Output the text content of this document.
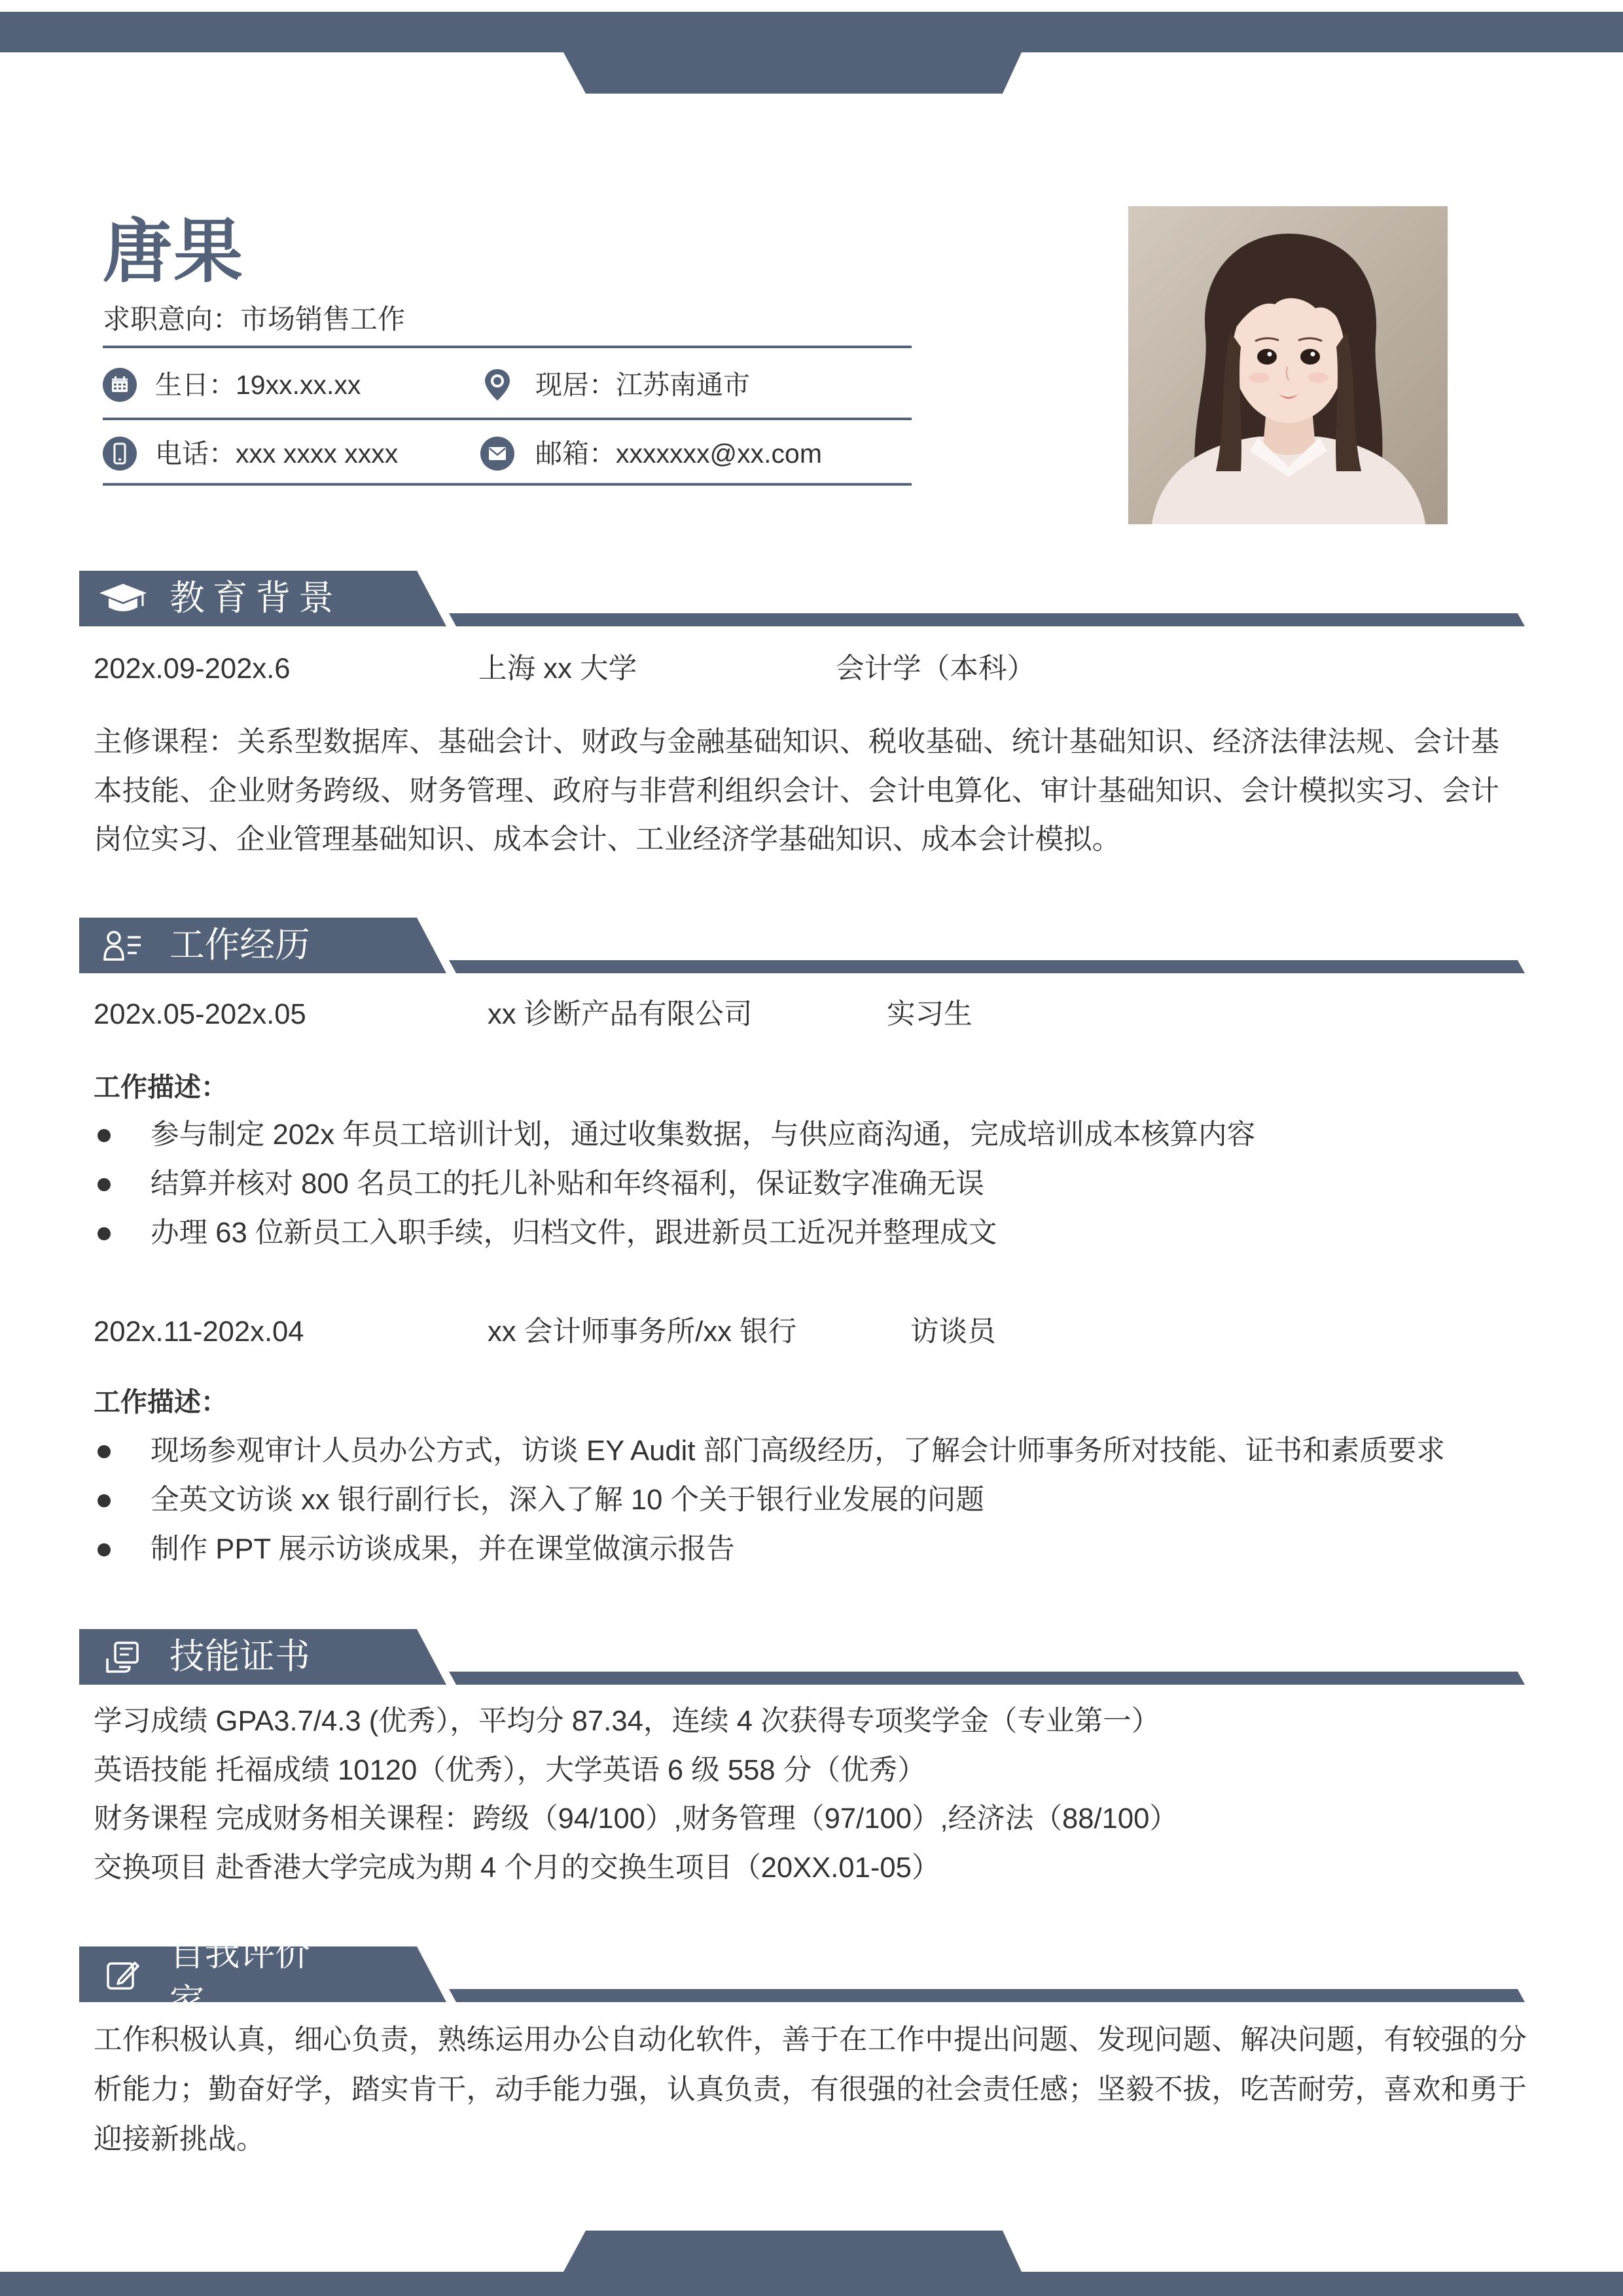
唐果
求职意向：市场销售工作
生日：19xx.xx.xx	现居：江苏南通市
电话：xxx xxxx xxxx	邮箱：xxxxxxx@xx.com
教育背景
202x.09-202x.6	上海 xx 大学	会计学（本科）
主修课程：关系型数据库、基础会计、财政与金融基础知识、税收基础、统计基础知识、经济法律法规、会计基本技能、企业财务跨级、财务管理、政府与非营利组织会计、会计电算化、审计基础知识、会计模拟实习、会计岗位实习、企业管理基础知识、成本会计、工业经济学基础知识、成本会计模拟。
工作经历
202x.05-202x.05	xx 诊断产品有限公司	实习生
工作描述：
参与制定 202x 年员工培训计划，通过收集数据，与供应商沟通，完成培训成本核算内容
结算并核对 800 名员工的托儿补贴和年终福利，保证数字准确无误
办理 63 位新员工入职手续，归档文件，跟进新员工近况并整理成文
202x.11-202x.04	xx 会计师事务所/xx 银行	访谈员
工作描述：
现场参观审计人员办公方式，访谈 EY Audit 部门高级经历，了解会计师事务所对技能、证书和素质要求
全英文访谈 xx 银行副行长，深入了解 10 个关于银行业发展的问题
制作 PPT 展示访谈成果，并在课堂做演示报告
技能证书
学习成绩 GPA3.7/4.3 (优秀），平均分 87.34，连续 4 次获得专项奖学金（专业第一）
英语技能 托福成绩 10120（优秀），大学英语 6 级 558 分（优秀）
财务课程 完成财务相关课程：跨级（94/100）,财务管理（97/100）,经济法（88/100）
交换项目 赴香港大学完成为期 4 个月的交换生项目（20XX.01-05）
自我评价
家
工作积极认真，细心负责，熟练运用办公自动化软件，善于在工作中提出问题、发现问题、解决问题，有较强的分析能力；勤奋好学，踏实肯干，动手能力强，认真负责，有很强的社会责任感；坚毅不拔，吃苦耐劳，喜欢和勇于迎接新挑战。
